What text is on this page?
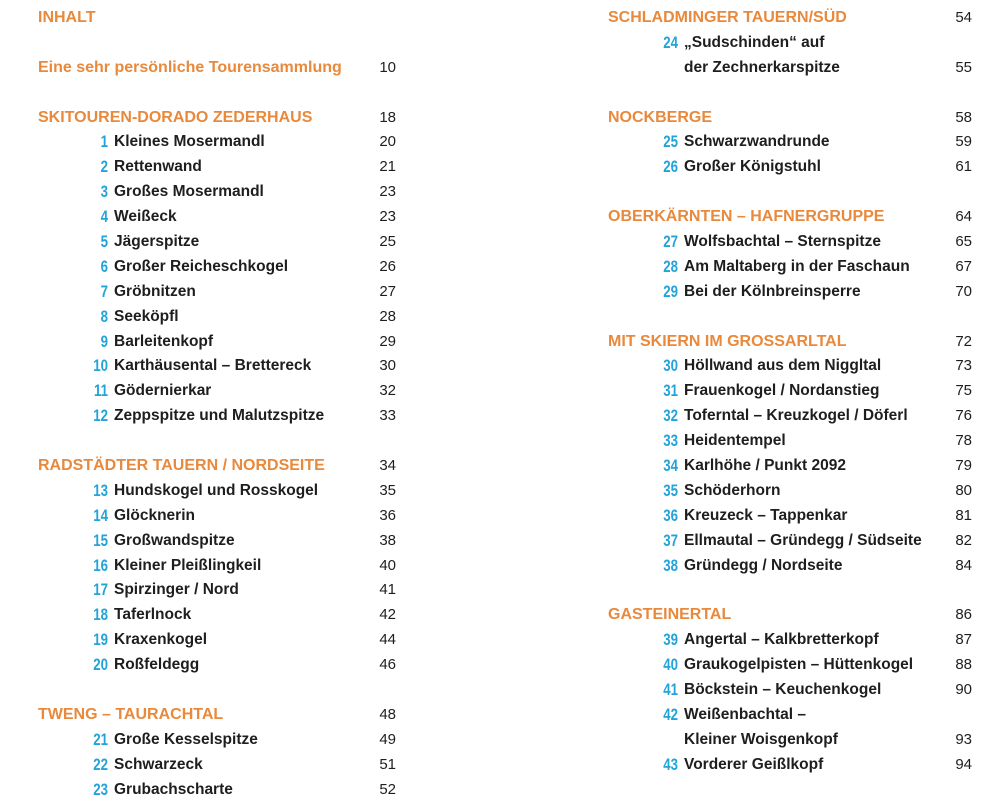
INHALT
Eine sehr persönliche Tourensammlung	10
SKITOUREN-DORADO ZEDERHAUS	18
1 Kleines Mosermandl	20
2 Rettenwand	21
3 Großes Mosermandl	23
4 Weißeck	23
5 Jägerspitze	25
6 Großer Reicheschkogel	26
7 Gröbnitzen	27
8 Seeköpfl	28
9 Barleitenkopf	29
10 Karthäusental – Brettereck	30
11 Gödernierkar	32
12 Zeppspitze und Malutzspitze	33
RADSTÄDTER TAUERN / NORDSEITE	34
13 Hundskogel und Rosskogel	35
14 Glöcknerin	36
15 Großwandspitze	38
16 Kleiner Pleißlingkeil	40
17 Spirzinger / Nord	41
18 Taferlnock	42
19 Kraxenkogel	44
20 Roßfeldegg	46
TWENG – TAURACHTAL	48
21 Große Kesselspitze	49
22 Schwarzeck	51
23 Grubachscharte	52
SCHLADMINGER TAUERN/SÜD	54
24 „Sudschinden“ auf
der Zechnerkarspitze	55
NOCKBERGE	58
25 Schwarzwandrunde	59
26 Großer Königstuhl	61
OBERKÄRNTEN – HAFNERGRUPPE	64
27 Wolfsbachtal – Sternspitze	65
28 Am Maltaberg in der Faschaun	67
29 Bei der Kölnbreinsperre	70
MIT SKIERN IM GROSSARLTAL	72
30 Höllwand aus dem Niggltal	73
31 Frauenkogel / Nordanstieg	75
32 Toferntal – Kreuzkogel / Döferl	76
33 Heidentempel	78
34 Karlhöhe / Punkt 2092	79
35 Schöderhorn	80
36 Kreuzeck – Tappenkar	81
37 Ellmautal – Gründegg / Südseite 82
38 Gründegg / Nordseite	84
GASTEINERTAL	86
39 Angertal – Kalkbretterkopf	87
40 Graukogelpisten – Hüttenkogel	88
41 Böckstein – Keuchenkogel	90
42 Weißenbachtal –
Kleiner Woisgenkopf	93
43 Vorderer Geißlkopf	94
